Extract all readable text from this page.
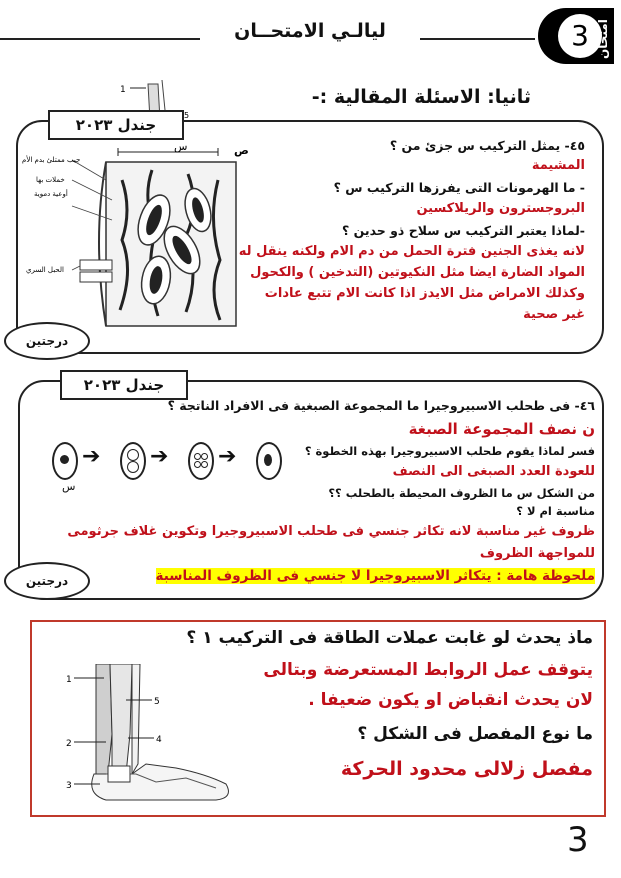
ليالـي الامتحــان	3 امتحان
ثانيا: الاسئلة المقالية :-
1
5
جندل ٢٠٢٣
درجتين
س	ص
جيب ممتلئ بدم الأم
خملات بها
أوعية دموية
الحبل السري
٤٥- يمثل التركيب س جزئ من ؟
المشيمة
- ما الهرمونات التى يفرزها التركيب س ؟
البروجسترون والريلاكسين
-لماذا يعتبر التركيب س سلاح ذو حدين ؟
لانه يغذى الجنين فترة الحمل من دم الام ولكنه ينقل له
المواد الضارة ايضا مثل النكيوتين (التدخين ) والكحول
وكذلك الامراض مثل الايدز اذا كانت الام تتبع عادات
غير صحية
جندل ٢٠٢٣
درجتين
➔ ➔ ➔
س
٤٦- فى طحلب الاسبيروجيرا ما المجموعة الصبغية فى الافراد الناتجة ؟
ن نصف المجموعة الصبغة
فسر لماذا يقوم طحلب الاسبيروجيرا بهذه الخطوة ؟
للعودة العدد الصبغى الى النصف
من الشكل س ما الظروف المحيطة بالطحلب ؟؟
مناسبة ام لا ؟
ظروف غير مناسبة لانه تكاثر جنسي فى طحلب الاسبيروجيرا وتكوين غلاف جرثومى
للمواجهة الظروف
ملحوظة هامة : يتكاثر الاسبيروجيرا لا جنسي فى الظروف المناسبة
1
2
3
4
5
ماذ يحدث لو غابت عملات الطاقة فى التركيب ١ ؟
يتوقف عمل الروابط المستعرضة وبتالى
لان يحدث انقباض او يكون ضعيفا .
ما نوع المفصل فى الشكل ؟
مفصل زلالى محدود الحركة
3
